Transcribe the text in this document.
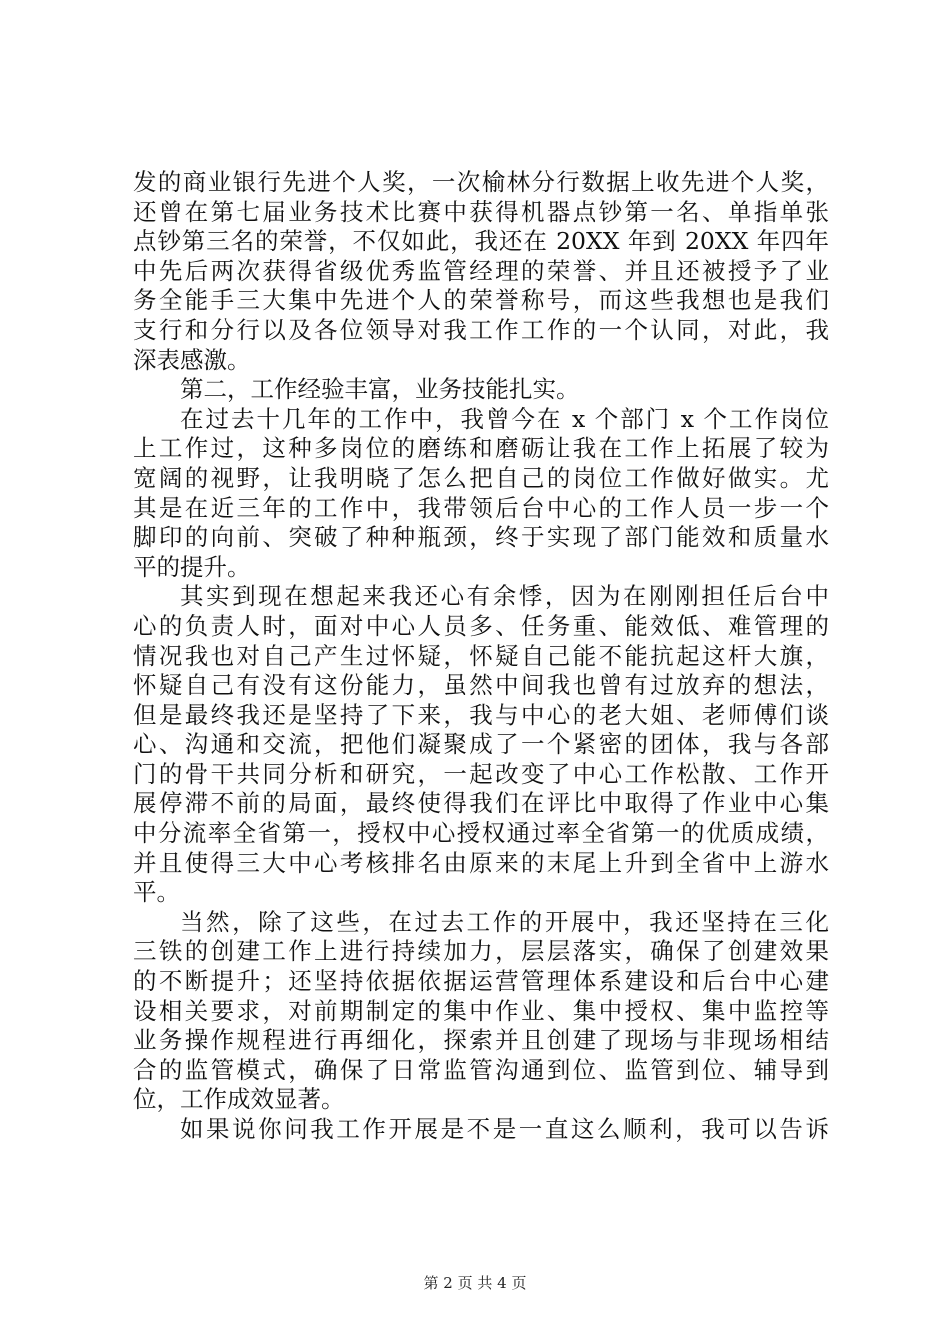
发的商业银行先进个人奖，一次榆林分行数据上收先进个人奖，
还曾在第七届业务技术比赛中获得机器点钞第一名、单指单张
点钞第三名的荣誉，不仅如此，我还在 20XX 年到 20XX 年四年
中先后两次获得省级优秀监管经理的荣誉、并且还被授予了业
务全能手三大集中先进个人的荣誉称号，而这些我想也是我们
支行和分行以及各位领导对我工作工作的一个认同，对此，我
深表感激。
第二，工作经验丰富，业务技能扎实。
在过去十几年的工作中，我曾今在 x 个部门 x 个工作岗位
上工作过，这种多岗位的磨练和磨砺让我在工作上拓展了较为
宽阔的视野，让我明晓了怎么把自己的岗位工作做好做实。尤
其是在近三年的工作中，我带领后台中心的工作人员一步一个
脚印的向前、突破了种种瓶颈，终于实现了部门能效和质量水
平的提升。
其实到现在想起来我还心有余悸，因为在刚刚担任后台中
心的负责人时，面对中心人员多、任务重、能效低、难管理的
情况我也对自己产生过怀疑，怀疑自己能不能抗起这杆大旗，
怀疑自己有没有这份能力，虽然中间我也曾有过放弃的想法，
但是最终我还是坚持了下来，我与中心的老大姐、老师傅们谈
心、沟通和交流，把他们凝聚成了一个紧密的团体，我与各部
门的骨干共同分析和研究，一起改变了中心工作松散、工作开
展停滞不前的局面，最终使得我们在评比中取得了作业中心集
中分流率全省第一，授权中心授权通过率全省第一的优质成绩，
并且使得三大中心考核排名由原来的末尾上升到全省中上游水
平。
当然，除了这些，在过去工作的开展中，我还坚持在三化
三铁的创建工作上进行持续加力，层层落实，确保了创建效果
的不断提升；还坚持依据依据运营管理体系建设和后台中心建
设相关要求，对前期制定的集中作业、集中授权、集中监控等
业务操作规程进行再细化，探索并且创建了现场与非现场相结
合的监管模式，确保了日常监管沟通到位、监管到位、辅导到
位，工作成效显著。
如果说你问我工作开展是不是一直这么顺利，我可以告诉
第 2 页 共 4 页
